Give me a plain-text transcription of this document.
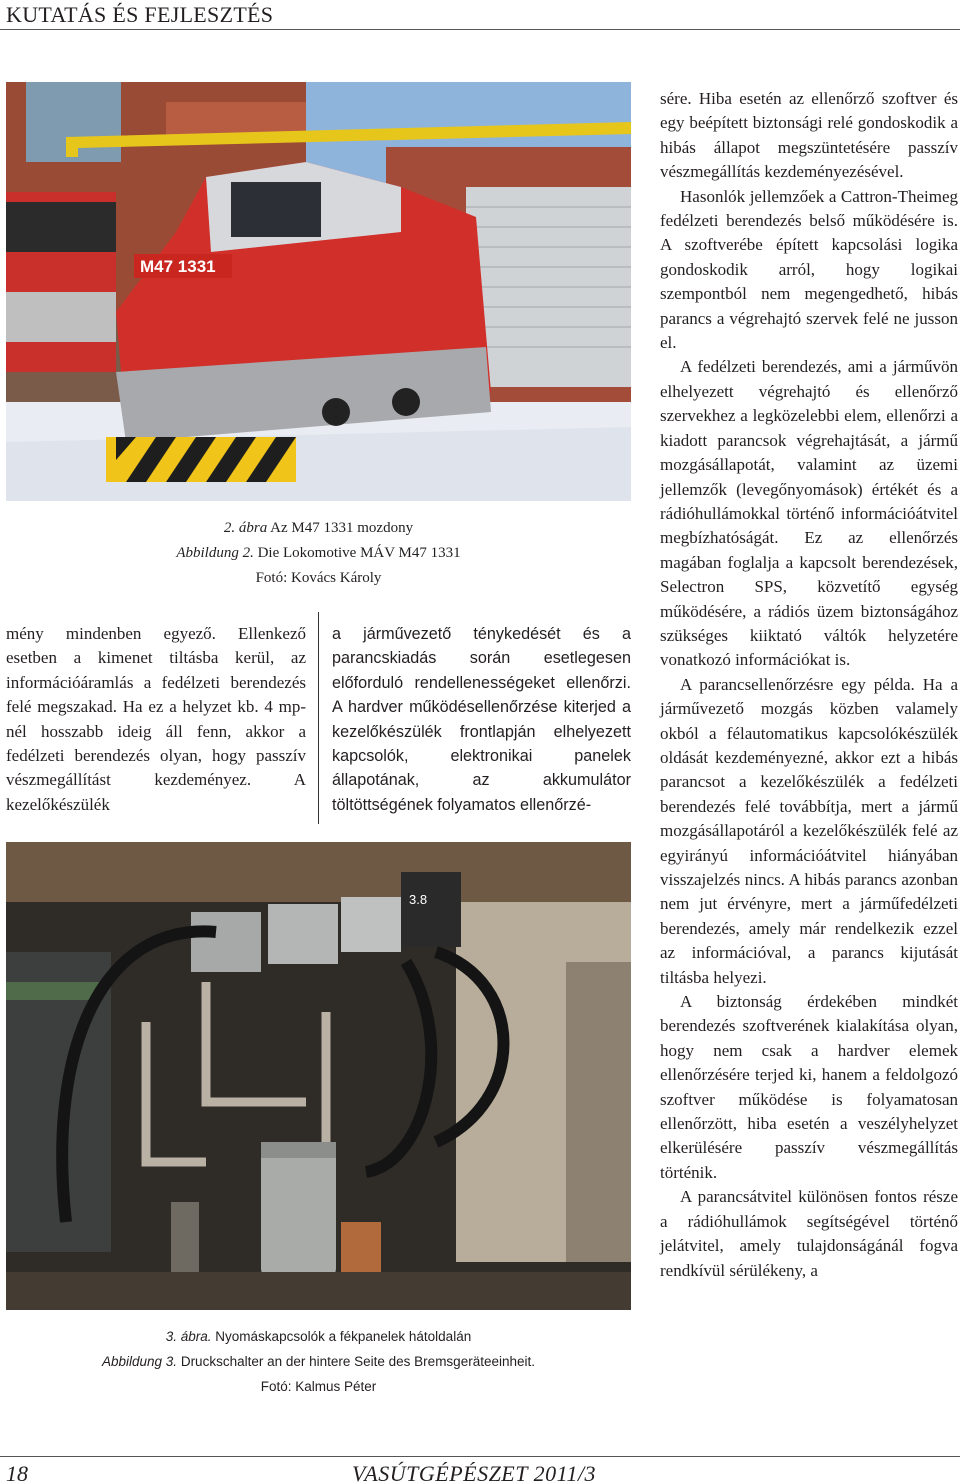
KUTATÁS ÉS FEJLESZTÉS
M47 1331
2. ábra Az M47 1331 mozdony
Abbildung 2. Die Lokomotive MÁV M47 1331
Fotó: Kovács Károly

mény mindenben egyező. Ellenkező esetben a kimenet tiltásba kerül, az információáramlás a fedélzeti berendezés felé megszakad. Ha ez a helyzet kb. 4 mp-nél hosszabb ideig áll fenn, akkor a fedélzeti berendezés olyan, hogy passzív vészmegállítást kezdeményez. A kezelőkészülék

a járművezető ténykedését és a parancskiadás során esetlegesen előforduló rendellenességeket ellenőrzi. A hardver működésellenőrzése kiterjed a kezelőkészülék frontlapján elhelyezett kapcsolók, elektronikai panelek állapotának, az akkumulátor töltöttségének folyamatos ellenőrzé-

3.8
3. ábra. Nyomáskapcsolók a fékpanelek hátoldalán
Abbildung 3. Druckschalter an der hintere Seite des Bremsgeräteeinheit.
Fotó: Kalmus Péter

sére. Hiba esetén az ellenőrző szoftver és egy beépített biztonsági relé gondoskodik a hibás állapot megszüntetésére passzív vészmegállítás kezdeményezésével.

Hasonlók jellemzőek a Cattron-Theimeg fedélzeti berendezés belső működésére is. A szoftverébe épített kapcsolási logika gondoskodik arról, hogy logikai szempontból nem megengedhető, hibás parancs a végrehajtó szervek felé ne jusson el.

A fedélzeti berendezés, ami a járművön elhelyezett végrehajtó és ellenőrző szervekhez a legközelebbi elem, ellenőrzi a kiadott parancsok végrehajtását, a jármű mozgásállapotát, valamint az üzemi jellemzők (levegőnyomások) értékét és a rádióhullámokkal történő információátvitel megbízhatóságát. Ez az ellenőrzés magában foglalja a kapcsolt berendezések, Selectron SPS, közvetítő egység működésére, a rádiós üzem biztonságához szükséges kiiktató váltók helyzetére vonatkozó információkat is.

A parancsellenőrzésre egy példa. Ha a járművezető mozgás közben valamely okból a félautomatikus kapcsolókészülék oldását kezdeményezné, akkor ezt a hibás parancsot a kezelőkészülék a fedélzeti berendezés felé továbbítja, mert a jármű mozgásállapotáról a kezelőkészülék felé az egyirányú információátvitel hiányában visszajelzés nincs. A hibás parancs azonban nem jut érvényre, mert a járműfedélzeti berendezés, amely már rendelkezik ezzel az információval, a parancs kijutását tiltásba helyezi.

A biztonság érdekében mindkét berendezés szoftverének kialakítása olyan, hogy nem csak a hardver elemek ellenőrzésére terjed ki, hanem a feldolgozó szoftver működése is folyamatosan ellenőrzött, hiba esetén a veszélyhelyzet elkerülésére passzív vészmegállítás történik.

A parancsátvitel különösen fontos része a rádióhullámok segítségével történő jelátvitel, amely tulajdonságánál fogva rendkívül sérülékeny, a

18	VASÚTGÉPÉSZET 2011/3
